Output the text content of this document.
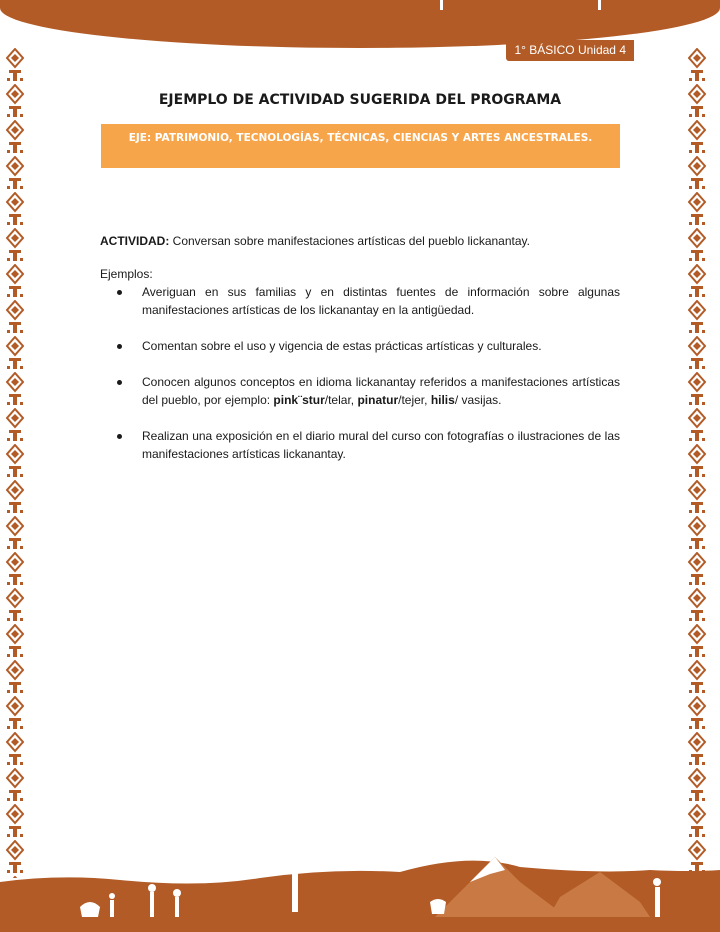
1° BÁSICO Unidad 4
EJEMPLO DE ACTIVIDAD SUGERIDA DEL PROGRAMA
EJE: PATRIMONIO, TECNOLOGÍAS, TÉCNICAS, CIENCIAS Y ARTES ANCESTRALES.
ACTIVIDAD: Conversan sobre manifestaciones artísticas del pueblo lickanantay.
Ejemplos:
Averiguan en sus familias y en distintas fuentes de información sobre algunas manifestaciones artísticas de los lickanantay en la antigüedad.
Comentan sobre el uso y vigencia de estas prácticas artísticas y culturales.
Conocen algunos conceptos en idioma lickanantay referidos a manifestaciones artísticas del pueblo, por ejemplo: pink¨stur/telar, pinatur/tejer, hilis/ vasijas.
Realizan una exposición en el diario mural del curso con fotografías o ilustraciones de las manifestaciones artísticas lickanantay.
